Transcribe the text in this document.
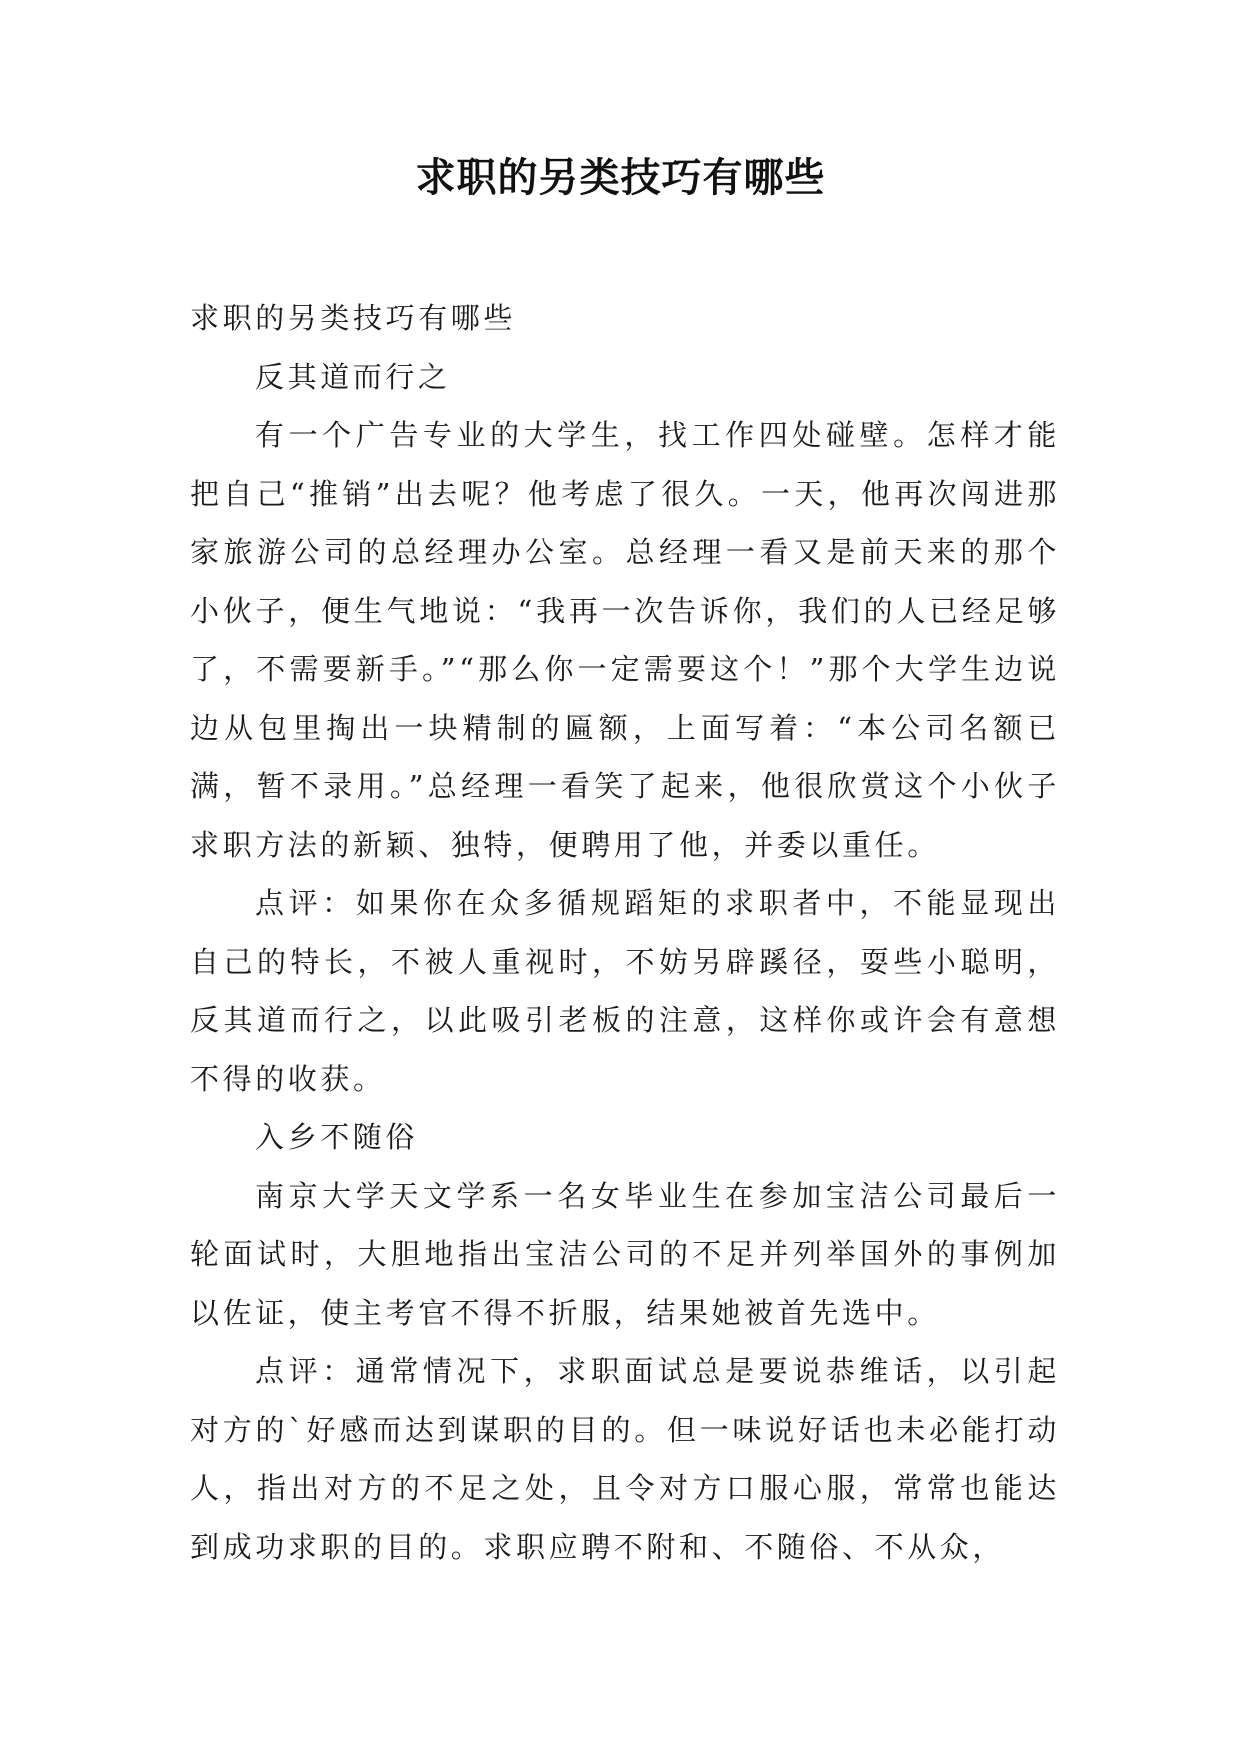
求职的另类技巧有哪些

求职的另类技巧有哪些

反其道而行之

有一个广告专业的大学生，找工作四处碰壁。怎样才能把自己“推销”出去呢？他考虑了很久。一天，他再次闯进那家旅游公司的总经理办公室。总经理一看又是前天来的那个小伙子，便生气地说：“我再一次告诉你，我们的人已经足够了，不需要新手。”“那么你一定需要这个！”那个大学生边说边从包里掏出一块精制的匾额，上面写着：“本公司名额已满，暂不录用。”总经理一看笑了起来，他很欣赏这个小伙子求职方法的新颖、独特，便聘用了他，并委以重任。

点评：如果你在众多循规蹈矩的求职者中，不能显现出自己的特长，不被人重视时，不妨另辟蹊径，耍些小聪明，反其道而行之，以此吸引老板的注意，这样你或许会有意想不得的收获。

入乡不随俗

南京大学天文学系一名女毕业生在参加宝洁公司最后一轮面试时，大胆地指出宝洁公司的不足并列举国外的事例加以佐证，使主考官不得不折服，结果她被首先选中。

点评：通常情况下，求职面试总是要说恭维话，以引起对方的`好感而达到谋职的目的。但一味说好话也未必能打动人，指出对方的不足之处，且令对方口服心服，常常也能达到成功求职的目的。求职应聘不附和、不随俗、不从众，
